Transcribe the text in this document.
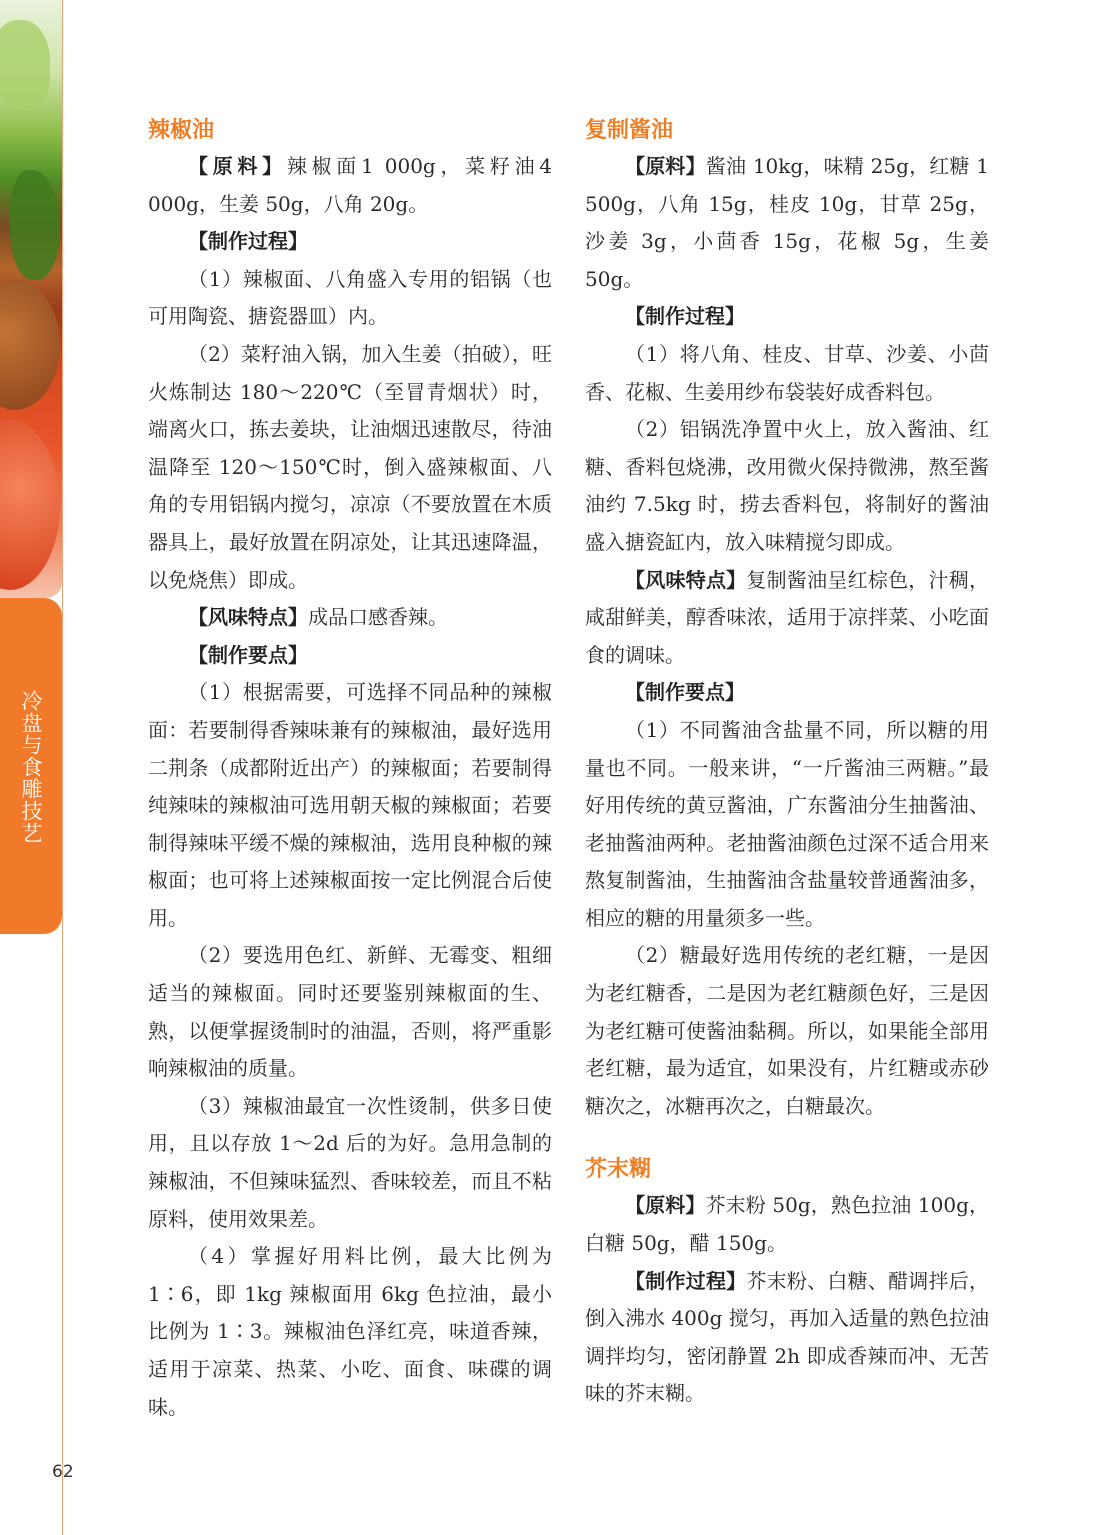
冷盘与食雕技艺
62
辣椒油

【原料】辣椒面1 000g，菜籽油4 000g，生姜 50g，八角 20g。

【制作过程】

（1）辣椒面、八角盛入专用的铝锅（也可用陶瓷、搪瓷器皿）内。

（2）菜籽油入锅，加入生姜（拍破），旺火炼制达 180～220℃（至冒青烟状）时，端离火口，拣去姜块，让油烟迅速散尽，待油温降至 120～150℃时，倒入盛辣椒面、八角的专用铝锅内搅匀，凉凉（不要放置在木质器具上，最好放置在阴凉处，让其迅速降温，以免烧焦）即成。

【风味特点】成品口感香辣。

【制作要点】

（1）根据需要，可选择不同品种的辣椒面：若要制得香辣味兼有的辣椒油，最好选用二荆条（成都附近出产）的辣椒面；若要制得纯辣味的辣椒油可选用朝天椒的辣椒面；若要制得辣味平缓不燥的辣椒油，选用良种椒的辣椒面；也可将上述辣椒面按一定比例混合后使用。

（2）要选用色红、新鲜、无霉变、粗细适当的辣椒面。同时还要鉴别辣椒面的生、熟，以便掌握烫制时的油温，否则，将严重影响辣椒油的质量。

（3）辣椒油最宜一次性烫制，供多日使用，且以存放 1～2d 后的为好。急用急制的辣椒油，不但辣味猛烈、香味较差，而且不粘原料，使用效果差。

（4）掌握好用料比例，最大比例为 1∶6，即 1kg 辣椒面用 6kg 色拉油，最小比例为 1∶3。辣椒油色泽红亮，味道香辣，适用于凉菜、热菜、小吃、面食、味碟的调味。

复制酱油

【原料】酱油 10kg，味精 25g，红糖 1 500g，八角 15g，桂皮 10g，甘草 25g，沙姜 3g，小茴香 15g，花椒 5g，生姜 50g。

【制作过程】

（1）将八角、桂皮、甘草、沙姜、小茴香、花椒、生姜用纱布袋装好成香料包。

（2）铝锅洗净置中火上，放入酱油、红糖、香料包烧沸，改用微火保持微沸，熬至酱油约 7.5kg 时，捞去香料包，将制好的酱油盛入搪瓷缸内，放入味精搅匀即成。

【风味特点】复制酱油呈红棕色，汁稠，咸甜鲜美，醇香味浓，适用于凉拌菜、小吃面食的调味。

【制作要点】

（1）不同酱油含盐量不同，所以糖的用量也不同。一般来讲，“一斤酱油三两糖。”最好用传统的黄豆酱油，广东酱油分生抽酱油、老抽酱油两种。老抽酱油颜色过深不适合用来熬复制酱油，生抽酱油含盐量较普通酱油多，相应的糖的用量须多一些。

（2）糖最好选用传统的老红糖，一是因为老红糖香，二是因为老红糖颜色好，三是因为老红糖可使酱油黏稠。所以，如果能全部用老红糖，最为适宜，如果没有，片红糖或赤砂糖次之，冰糖再次之，白糖最次。

芥末糊

【原料】芥末粉 50g，熟色拉油 100g，白糖 50g，醋 150g。

【制作过程】芥末粉、白糖、醋调拌后，倒入沸水 400g 搅匀，再加入适量的熟色拉油调拌均匀，密闭静置 2h 即成香辣而冲、无苦味的芥末糊。
